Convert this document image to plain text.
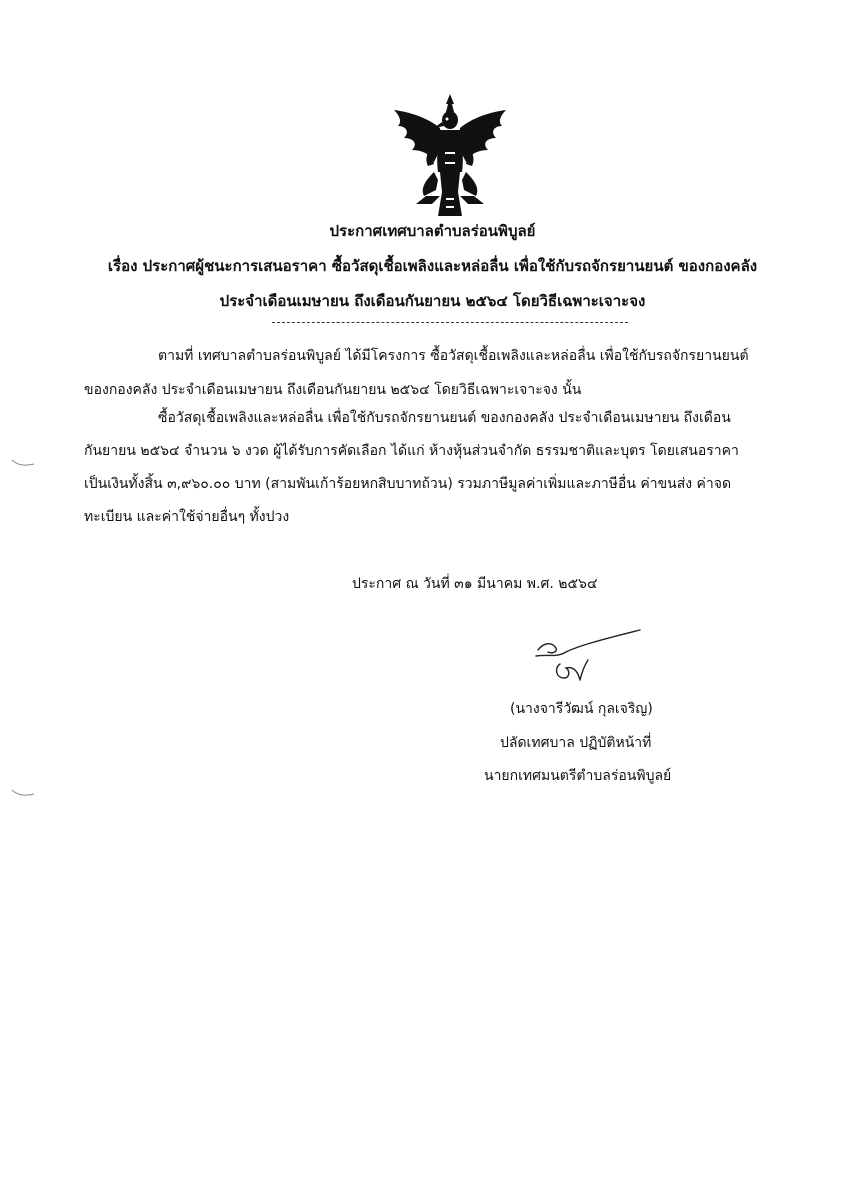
ประกาศเทศบาลตำบลร่อนพิบูลย์
เรื่อง ประกาศผู้ชนะการเสนอราคา ซื้อวัสดุเชื้อเพลิงและหล่อลื่น เพื่อใช้กับรถจักรยานยนต์ ของกองคลัง
ประจำเดือนเมษายน ถึงเดือนกันยายน ๒๕๖๔ โดยวิธีเฉพาะเจาะจง
ตามที่ เทศบาลตำบลร่อนพิบูลย์ ได้มีโครงการ ซื้อวัสดุเชื้อเพลิงและหล่อลื่น เพื่อใช้กับรถจักรยานยนต์
ของกองคลัง ประจำเดือนเมษายน ถึงเดือนกันยายน ๒๕๖๔ โดยวิธีเฉพาะเจาะจง นั้น
ซื้อวัสดุเชื้อเพลิงและหล่อลื่น เพื่อใช้กับรถจักรยานยนต์ ของกองคลัง ประจำเดือนเมษายน ถึงเดือน
กันยายน ๒๕๖๔ จำนวน ๖ งวด ผู้ได้รับการคัดเลือก ได้แก่ ห้างหุ้นส่วนจำกัด ธรรมชาติและบุตร โดยเสนอราคา
เป็นเงินทั้งสิ้น ๓,๙๖๐.๐๐ บาท (สามพันเก้าร้อยหกสิบบาทถ้วน) รวมภาษีมูลค่าเพิ่มและภาษีอื่น ค่าขนส่ง ค่าจด
ทะเบียน และค่าใช้จ่ายอื่นๆ ทั้งปวง
ประกาศ ณ วันที่ ๓๑ มีนาคม พ.ศ. ๒๕๖๔
(นางจารีวัฒน์ กุลเจริญ)
ปลัดเทศบาล ปฏิบัติหน้าที่
นายกเทศมนตรีตำบลร่อนพิบูลย์
